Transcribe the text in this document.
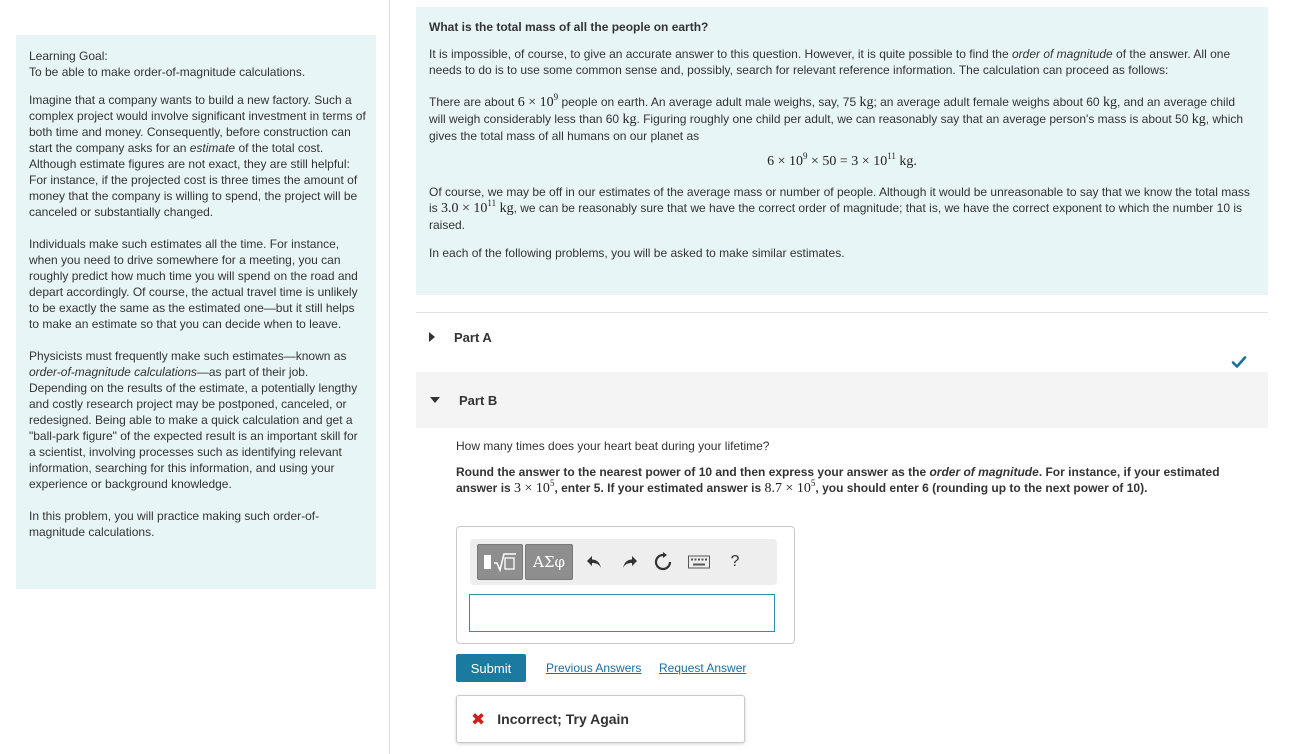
Learning Goal:

To be able to make order-of-magnitude calculations.

Imagine that a company wants to build a new factory. Such a complex project would involve significant investment in terms of both time and money. Consequently, before construction can start the company asks for an estimate of the total cost. Although estimate figures are not exact, they are still helpful: For instance, if the projected cost is three times the amount of money that the company is willing to spend, the project will be canceled or substantially changed.

Individuals make such estimates all the time. For instance, when you need to drive somewhere for a meeting, you can roughly predict how much time you will spend on the road and depart accordingly. Of course, the actual travel time is unlikely to be exactly the same as the estimated one—but it still helps to make an estimate so that you can decide when to leave.

Physicists must frequently make such estimates—known as order-of-magnitude calculations—as part of their job. Depending on the results of the estimate, a potentially lengthy and costly research project may be postponed, canceled, or redesigned. Being able to make a quick calculation and get a "ball-park figure" of the expected result is an important skill for a scientist, involving processes such as identifying relevant information, searching for this information, and using your experience or background knowledge.

In this problem, you will practice making such order-of-magnitude calculations.

What is the total mass of all the people on earth?

It is impossible, of course, to give an accurate answer to this question. However, it is quite possible to find the order of magnitude of the answer. All one needs to do is to use some common sense and, possibly, search for relevant reference information. The calculation can proceed as follows:

There are about $6 \times 10^9$ people on earth. An average adult male weighs, say, 75 kg; an average adult female weighs about 60 kg, and an average child will weigh considerably less than 60 kg. Figuring roughly one child per adult, we can reasonably say that an average person's mass is about 50 kg, which gives the total mass of all humans on our planet as

$6 \times 10^9 \times 50 = 3 \times 10^{11}$ kg.

Of course, we may be off in our estimates of the average mass or number of people. Although it would be unreasonable to say that we know the total mass is $3.0 \times 10^{11}$ kg, we can be reasonably sure that we have the correct order of magnitude; that is, we have the correct exponent to which the number 10 is raised.

In each of the following problems, you will be asked to make similar estimates.

Part A
Part B

How many times does your heart beat during your lifetime?

Round the answer to the nearest power of 10 and then express your answer as the order of magnitude. For instance, if your estimated answer is $3 \times 10^5$, enter 5. If your estimated answer is $8.7 \times 10^5$, you should enter 6 (rounding up to the next power of 10).

ΑΣφ	?
Submit	Previous Answers Request Answer
✖ Incorrect; Try Again
